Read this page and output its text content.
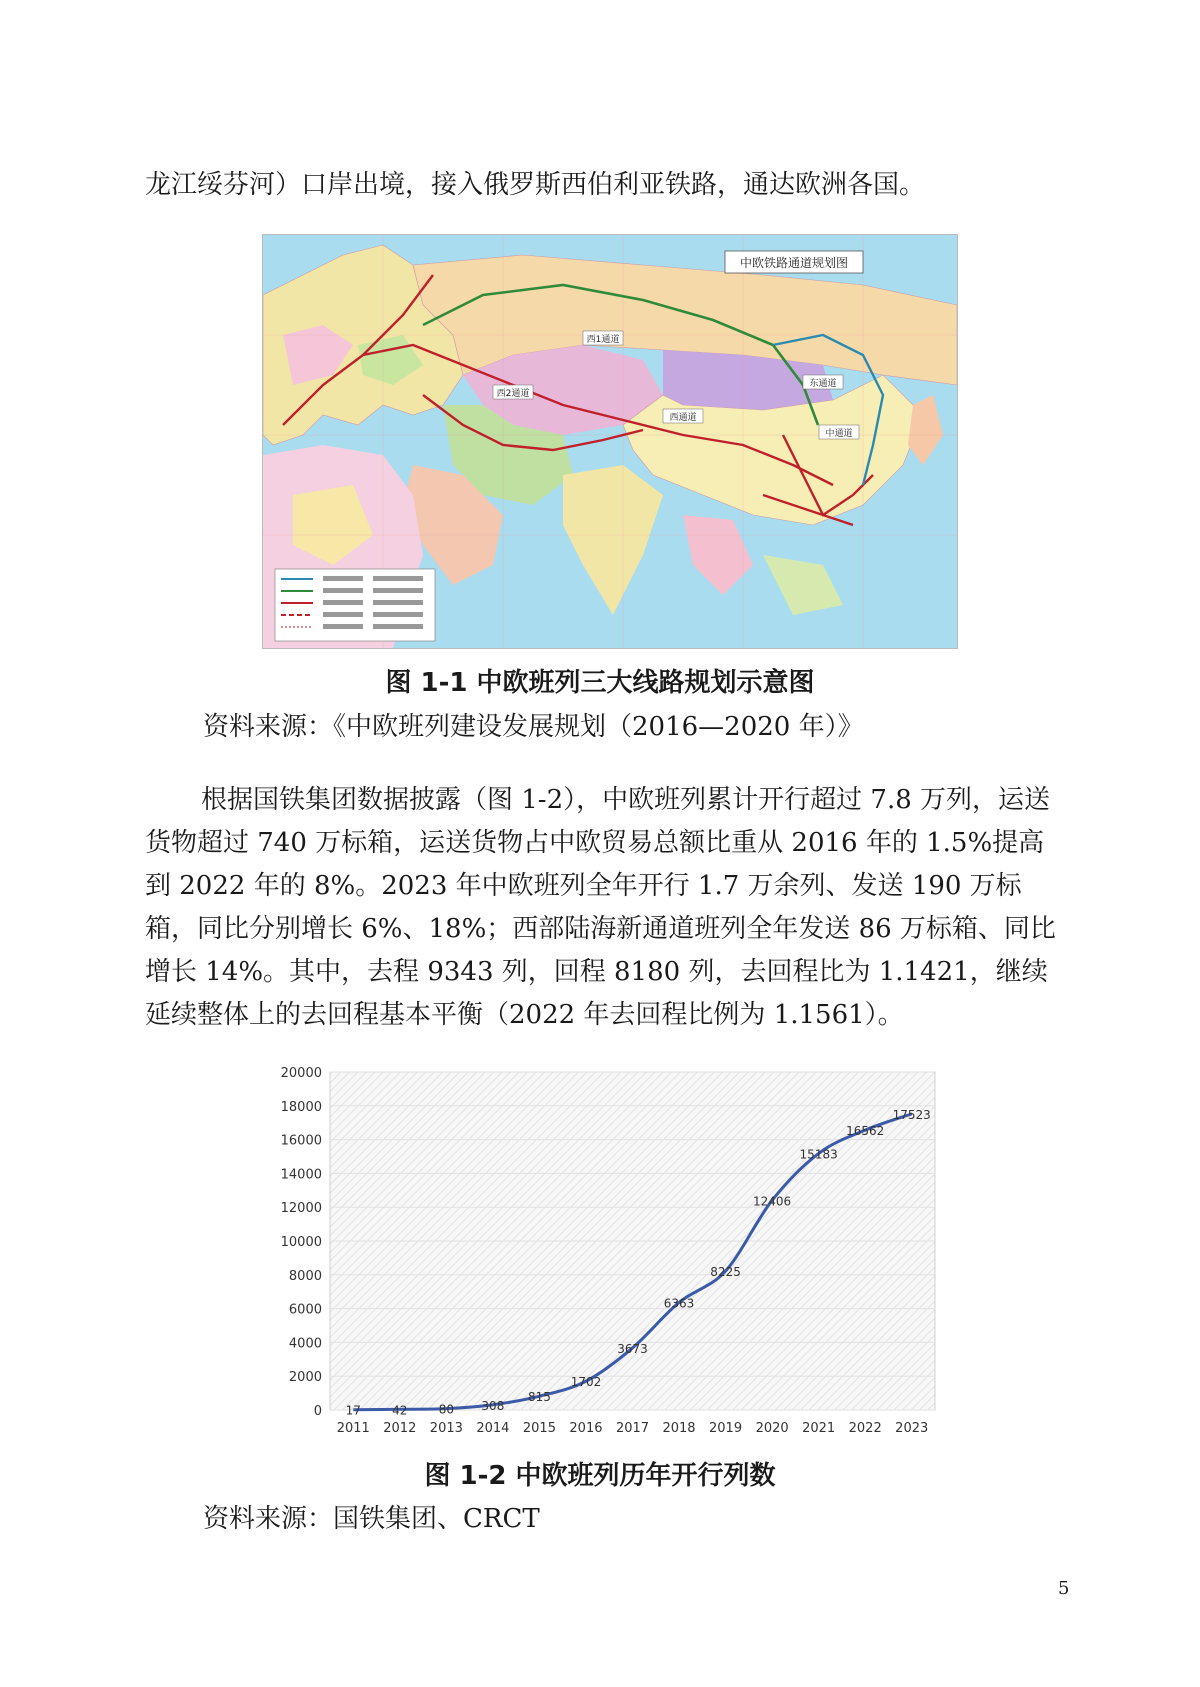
龙江绥芬河）口岸出境，接入俄罗斯西伯利亚铁路，通达欧洲各国。

中欧铁路通道规划图
东通道
中通道
西通道
西1通道
西2通道

图 1-1 中欧班列三大线路规划示意图

资料来源：《中欧班列建设发展规划（2016—2020 年）》

根据国铁集团数据披露（图 1-2），中欧班列累计开行超过 7.8 万列，运送货物超过 740 万标箱，运送货物占中欧贸易总额比重从 2016 年的 1.5%提高到 2022 年的 8%。2023 年中欧班列全年开行 1.7 万余列、发送 190 万标箱，同比分别增长 6%、18%；西部陆海新通道班列全年发送 86 万标箱、同比增长 14%。其中，去程 9343 列，回程 8180 列，去回程比为 1.1421，继续延续整体上的去回程基本平衡（2022 年去回程比例为 1.1561）。

0
2000
4000
6000
8000
10000
12000
14000
16000
18000
20000
2011 2012 2013 2014 2015 2016 2017 2018 2019 2020 2021 2022 2023
17	42	80 308
815
1702
3673
6363
8225
12406
15183
16562
17523

图 1-2 中欧班列历年开行列数

资料来源：国铁集团、CRCT

5
